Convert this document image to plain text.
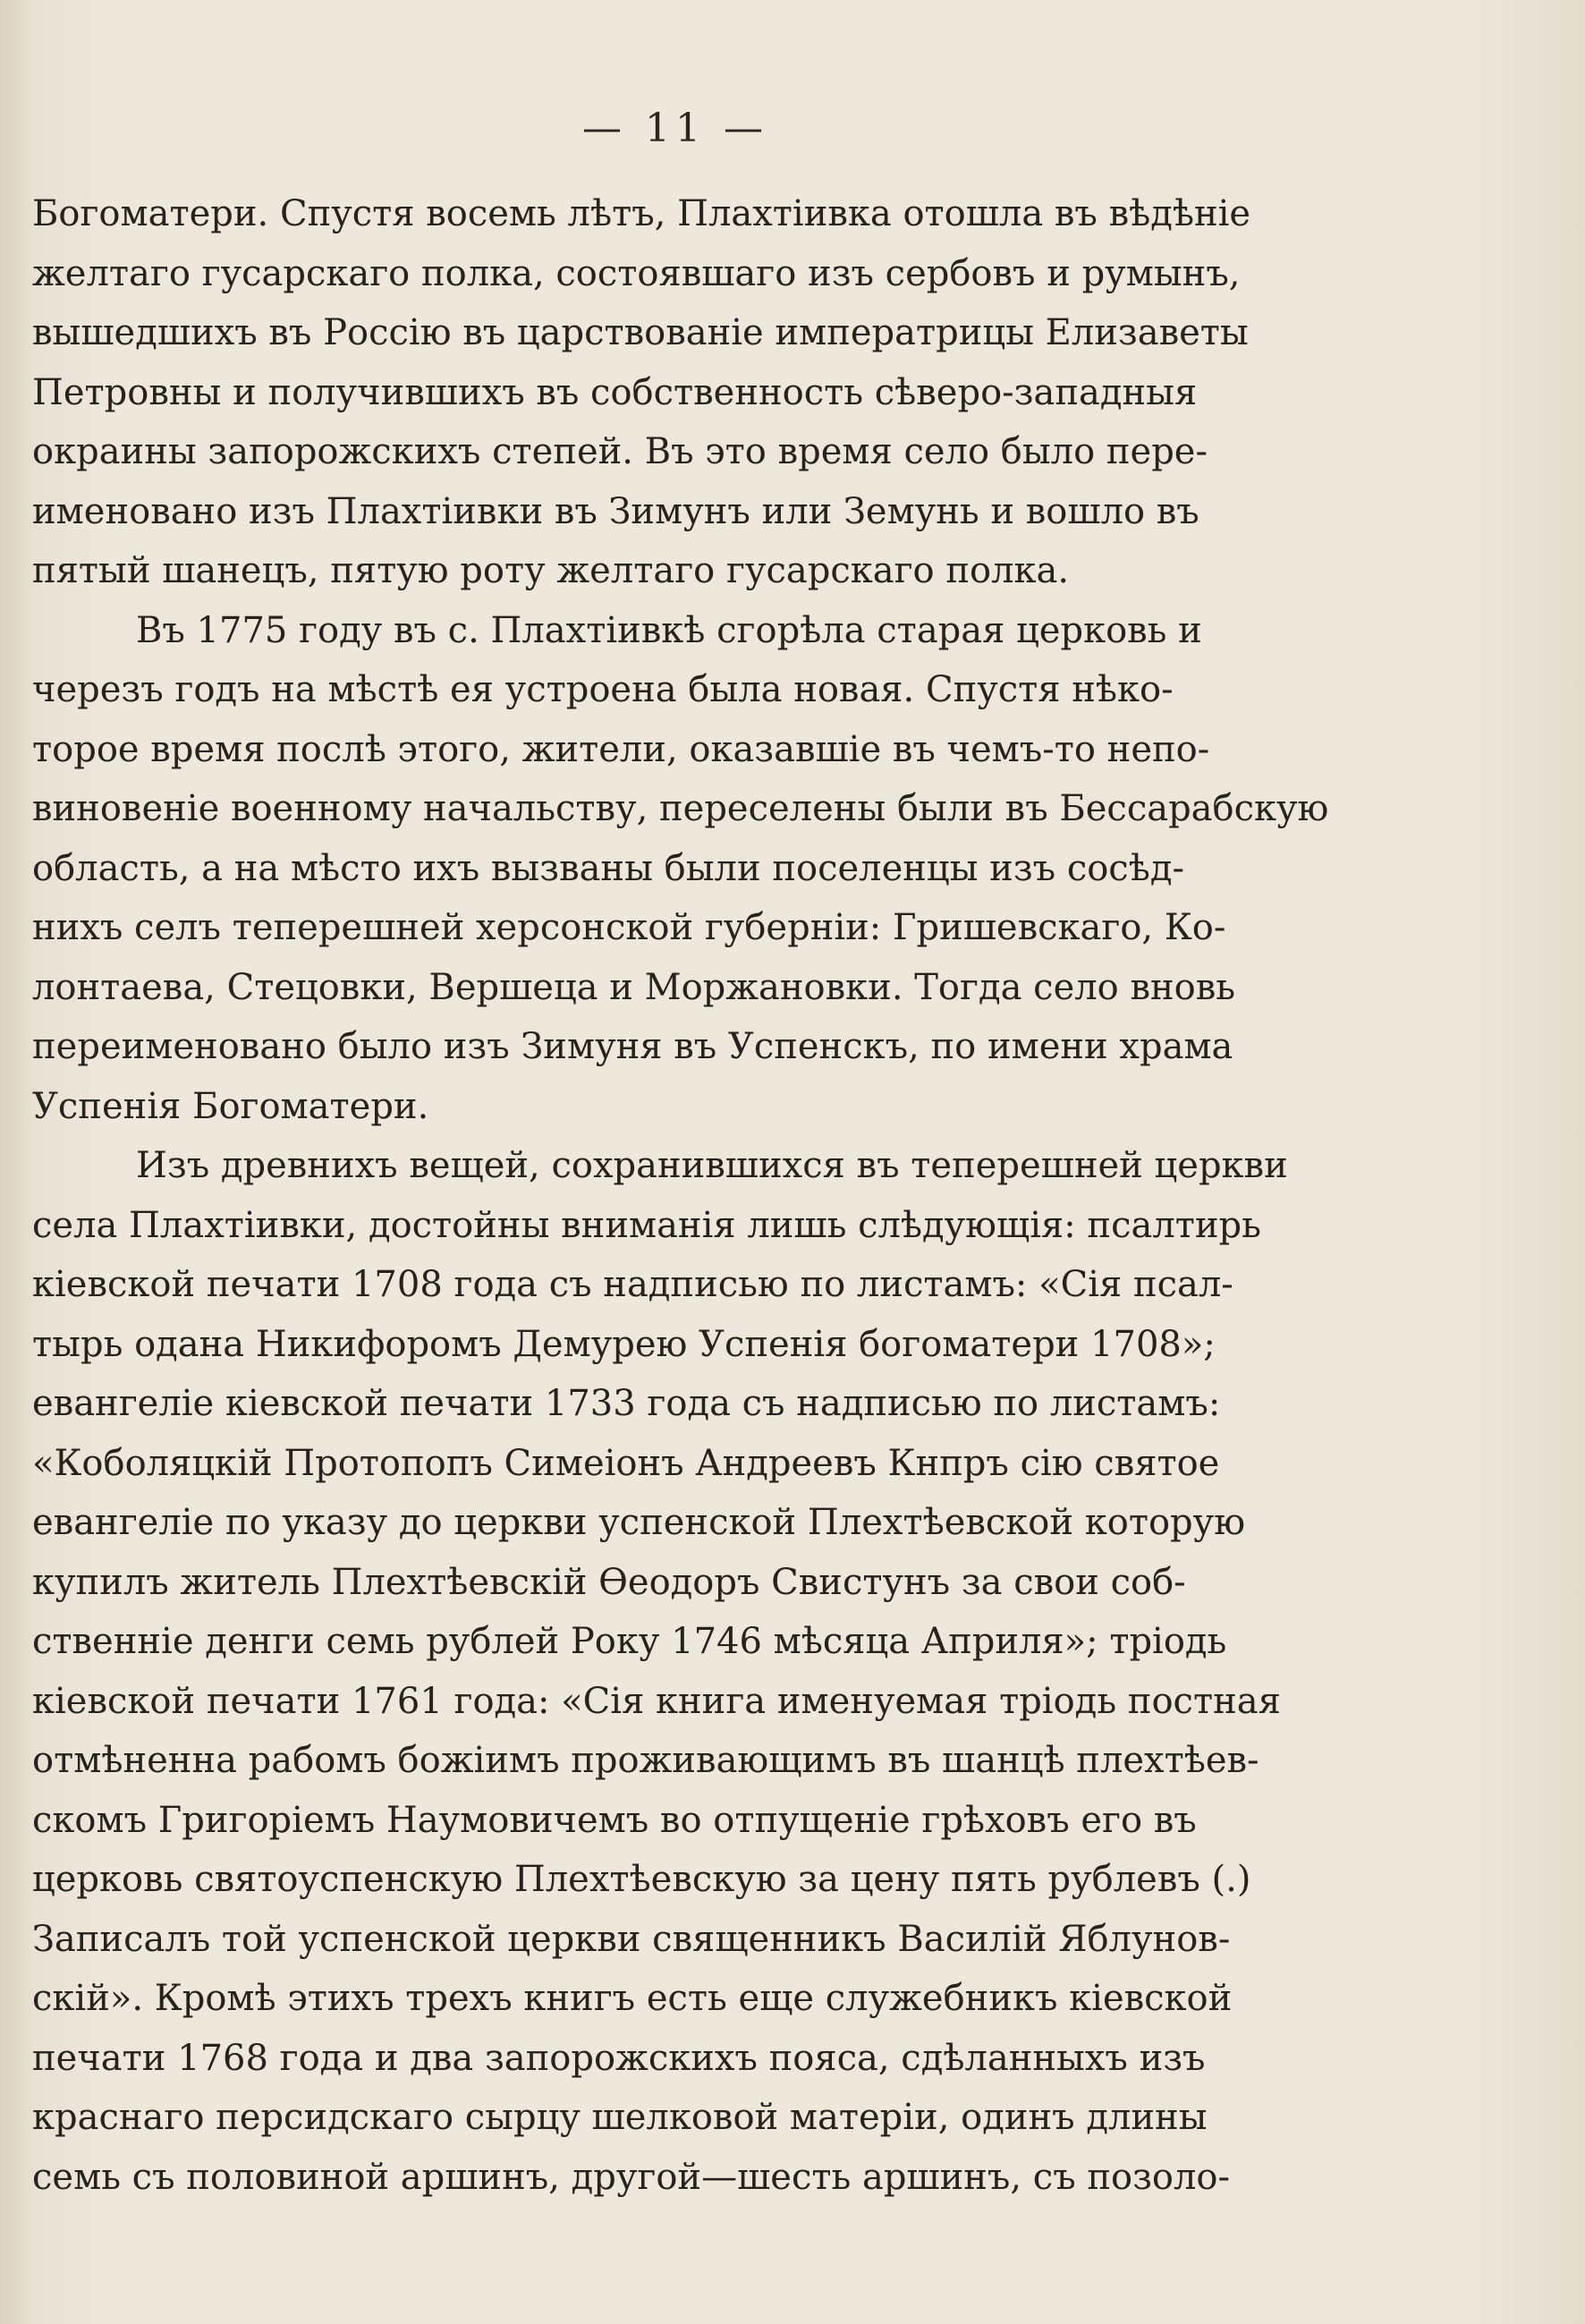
— 11 —
Богоматери. Спустя восемь лѣтъ, Плахтіивка отошла въ вѣдѣніе
желтаго гусарскаго полка, состоявшаго изъ сербовъ и румынъ,
вышедшихъ въ Россію въ царствованіе императрицы Елизаветы
Петровны и получившихъ въ собственность сѣверо-западныя
окраины запорожскихъ степей. Въ это время село было пере-
именовано изъ Плахтіивки въ Зимунъ или Земунь и вошло въ
пятый шанецъ, пятую роту желтаго гусарскаго полка.
Въ 1775 году въ с. Плахтіивкѣ сгорѣла старая церковь и
черезъ годъ на мѣстѣ ея устроена была новая. Спустя нѣко-
торое время послѣ этого, жители, оказавшіе въ чемъ-то непо-
виновеніе военному начальству, переселены были въ Бессарабскую
область, а на мѣсто ихъ вызваны были поселенцы изъ сосѣд-
нихъ селъ теперешней херсонской губерніи: Гришевскаго, Ко-
лонтаева, Стецовки, Вершеца и Моржановки. Тогда село вновь
переименовано было изъ Зимуня въ Успенскъ, по имени храма
Успенія Богоматери.
Изъ древнихъ вещей, сохранившихся въ теперешней церкви
села Плахтіивки, достойны вниманія лишь слѣдующія: псалтирь
кіевской печати 1708 года съ надписью по листамъ: «Сія псал-
тырь одана Никифоромъ Демурею Успенія богоматери 1708»;
евангеліе кіевской печати 1733 года съ надписью по листамъ:
«Коболяцкій Протопопъ Симеіонъ Андреевъ Кнпръ сію святое
евангеліе по указу до церкви успенской Плехтѣевской которую
купилъ житель Плехтѣевскій Ѳеодоръ Свистунъ за свои соб-
ственніе денги семь рублей Року 1746 мѣсяца Априля»; тріодь
кіевской печати 1761 года: «Сія книга именуемая тріодь постная
отмѣненна рабомъ божіимъ проживающимъ въ шанцѣ плехтѣев-
скомъ Григоріемъ Наумовичемъ во отпущеніе грѣховъ его въ
церковь святоуспенскую Плехтѣевскую за цену пять рублевъ (.)
Записалъ той успенской церкви священникъ Василій Яблунов-
скій». Кромѣ этихъ трехъ книгъ есть еще служебникъ кіевской
печати 1768 года и два запорожскихъ пояса, сдѣланныхъ изъ
краснаго персидскаго сырцу шелковой матеріи, одинъ длины
семь съ половиной аршинъ, другой—шесть аршинъ, съ позоло-
